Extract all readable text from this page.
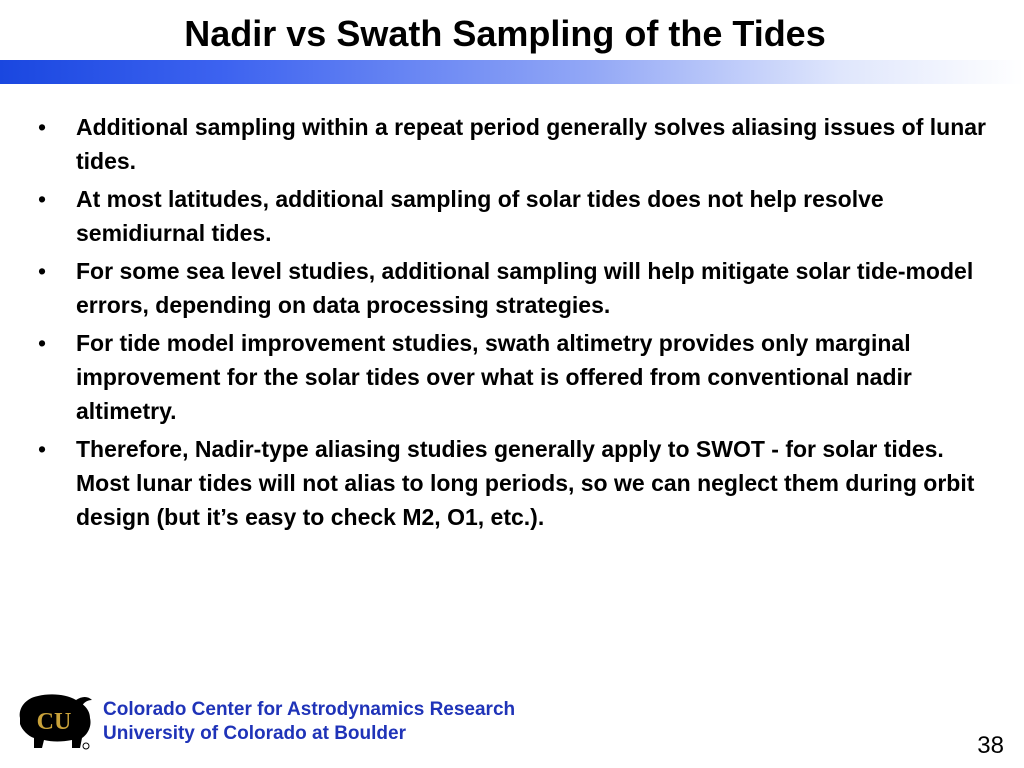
Nadir vs Swath Sampling of the Tides
• Additional sampling within a repeat period generally solves aliasing issues of lunar tides.
• At most latitudes, additional sampling of solar tides does not help resolve semidiurnal tides.
• For some sea level studies, additional sampling will help mitigate solar tide-model errors, depending on data processing strategies.
• For tide model improvement studies, swath altimetry provides only marginal improvement for the solar tides over what is offered from conventional nadir altimetry.
• Therefore, Nadir-type aliasing studies generally apply to SWOT - for solar tides. Most lunar tides will not alias to long periods, so we can neglect them during orbit design (but it’s easy to check M2, O1, etc.).
CU Colorado Center for Astrodynamics Research
University of Colorado at Boulder	38
